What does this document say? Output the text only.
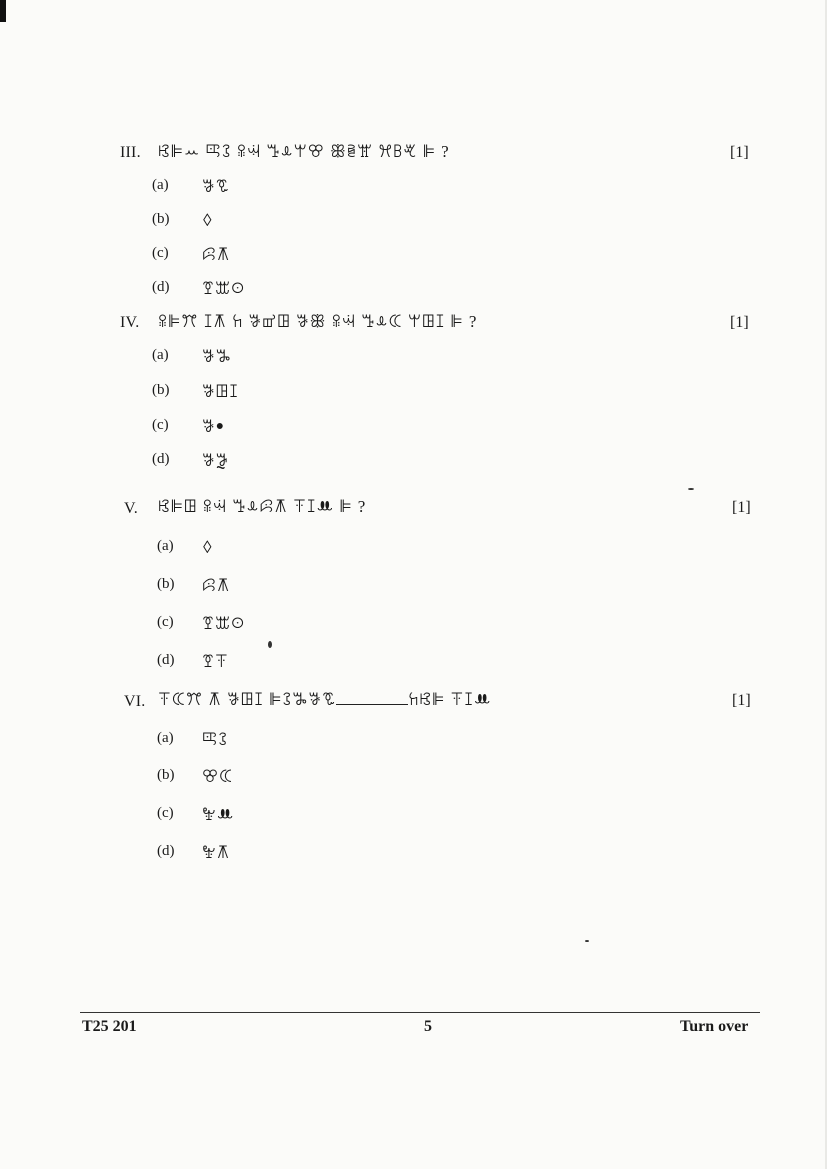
III. ꕙꕞꕀ ꕓꕘ ꕉꕜ ꔤꕊꕚꕢ ꕥꕇꖂ ꕮꕗꕩ ꕞ ?	[1]
(a) ꗎꗧ
(b) ꕺ
(c) ꕸꕧ
(d) ꗑꕭꖴ
IV. ꕉꕞꔫ ꕯꕧ ꖷ ꗎꕠꖸ ꗎꕥ ꕉꕜ ꔤꕊꕆ ꕚꖸꕯ ꕞ ?	[1]
(a) ꗎꖆ
(b) ꗎꖸꕯ
(c) ꗎꔷ
(d) ꗎꖄ
V. ꕙꕞꖸ ꕉꕜ ꔤꕊꕸꕧ ꔉꕯꔚ ꕞ ?	[1]
(a) ꕺ
(b) ꕸꕧ
(c) ꗑꕭꖴ
(d) ꗑꔉ
VI. ꔉꕆꔫ ꕧ ꗎꖸꕯ ꕞꕘꖆꗎꗧ	ꖷꕙꕞ ꔉꕯꔚ	[1]
(a) ꕓꕘ
(b) ꕢꕆ
(c) ꖠꔚ
(d) ꖠꕧ
T25 201	5	Turn over
